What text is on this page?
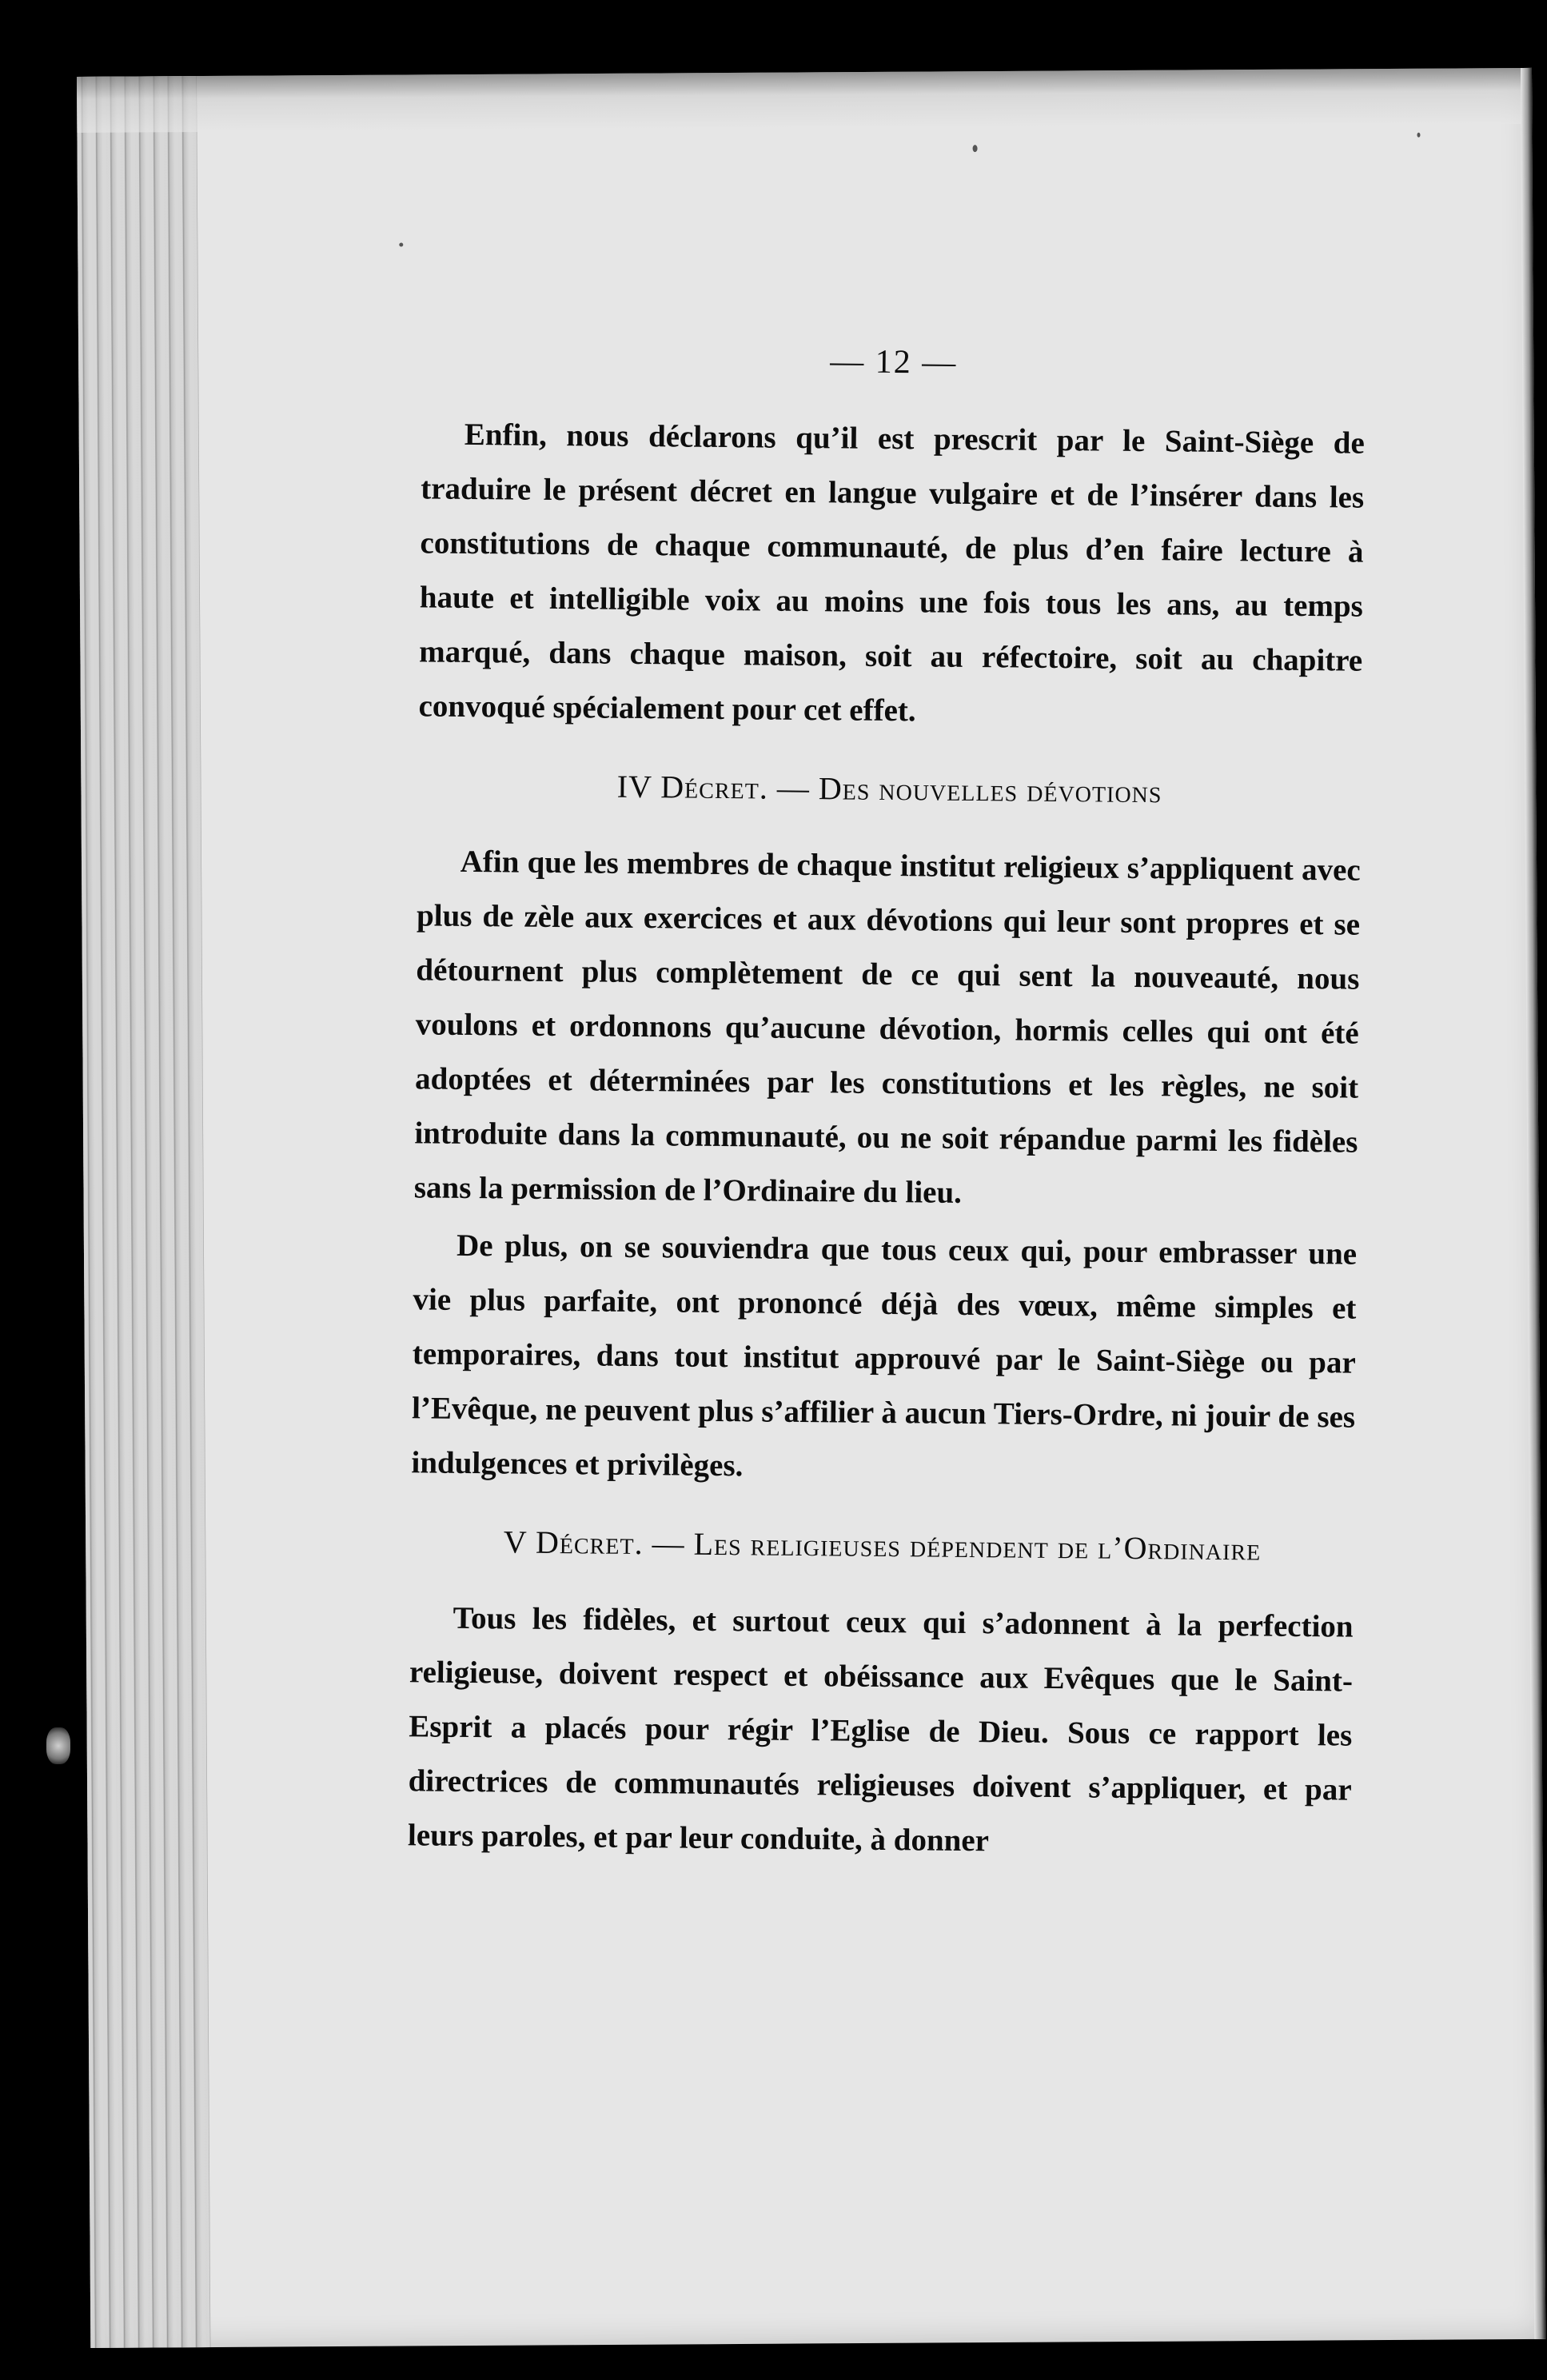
— 12 —

Enfin, nous déclarons qu’il est prescrit par le Saint-Siège de traduire le présent décret en langue vulgaire et de l’insérer dans les constitutions de chaque communauté, de plus d’en faire lecture à haute et intelligible voix au moins une fois tous les ans, au temps marqué, dans chaque maison, soit au réfectoire, soit au chapitre convoqué spécialement pour cet effet.

IV Décret. — Des nouvelles dévotions

Afin que les membres de chaque institut religieux s’appliquent avec plus de zèle aux exercices et aux dévotions qui leur sont propres et se détournent plus complètement de ce qui sent la nouveauté, nous voulons et ordonnons qu’aucune dévotion, hormis celles qui ont été adoptées et déterminées par les constitutions et les règles, ne soit introduite dans la communauté, ou ne soit répandue parmi les fidèles sans la permission de l’Ordinaire du lieu.

De plus, on se souviendra que tous ceux qui, pour embrasser une vie plus parfaite, ont prononcé déjà des vœux, même simples et temporaires, dans tout institut approuvé par le Saint-Siège ou par l’Evêque, ne peuvent plus s’affilier à aucun Tiers-Ordre, ni jouir de ses indulgences et privilèges.

V Décret. — Les religieuses dépendent de l’Ordinaire

Tous les fidèles, et surtout ceux qui s’adonnent à la perfection religieuse, doivent respect et obéissance aux Evêques que le Saint-Esprit a placés pour régir l’Eglise de Dieu. Sous ce rapport les directrices de communautés religieuses doivent s’appliquer, et par leurs paroles, et par leur conduite, à donner
